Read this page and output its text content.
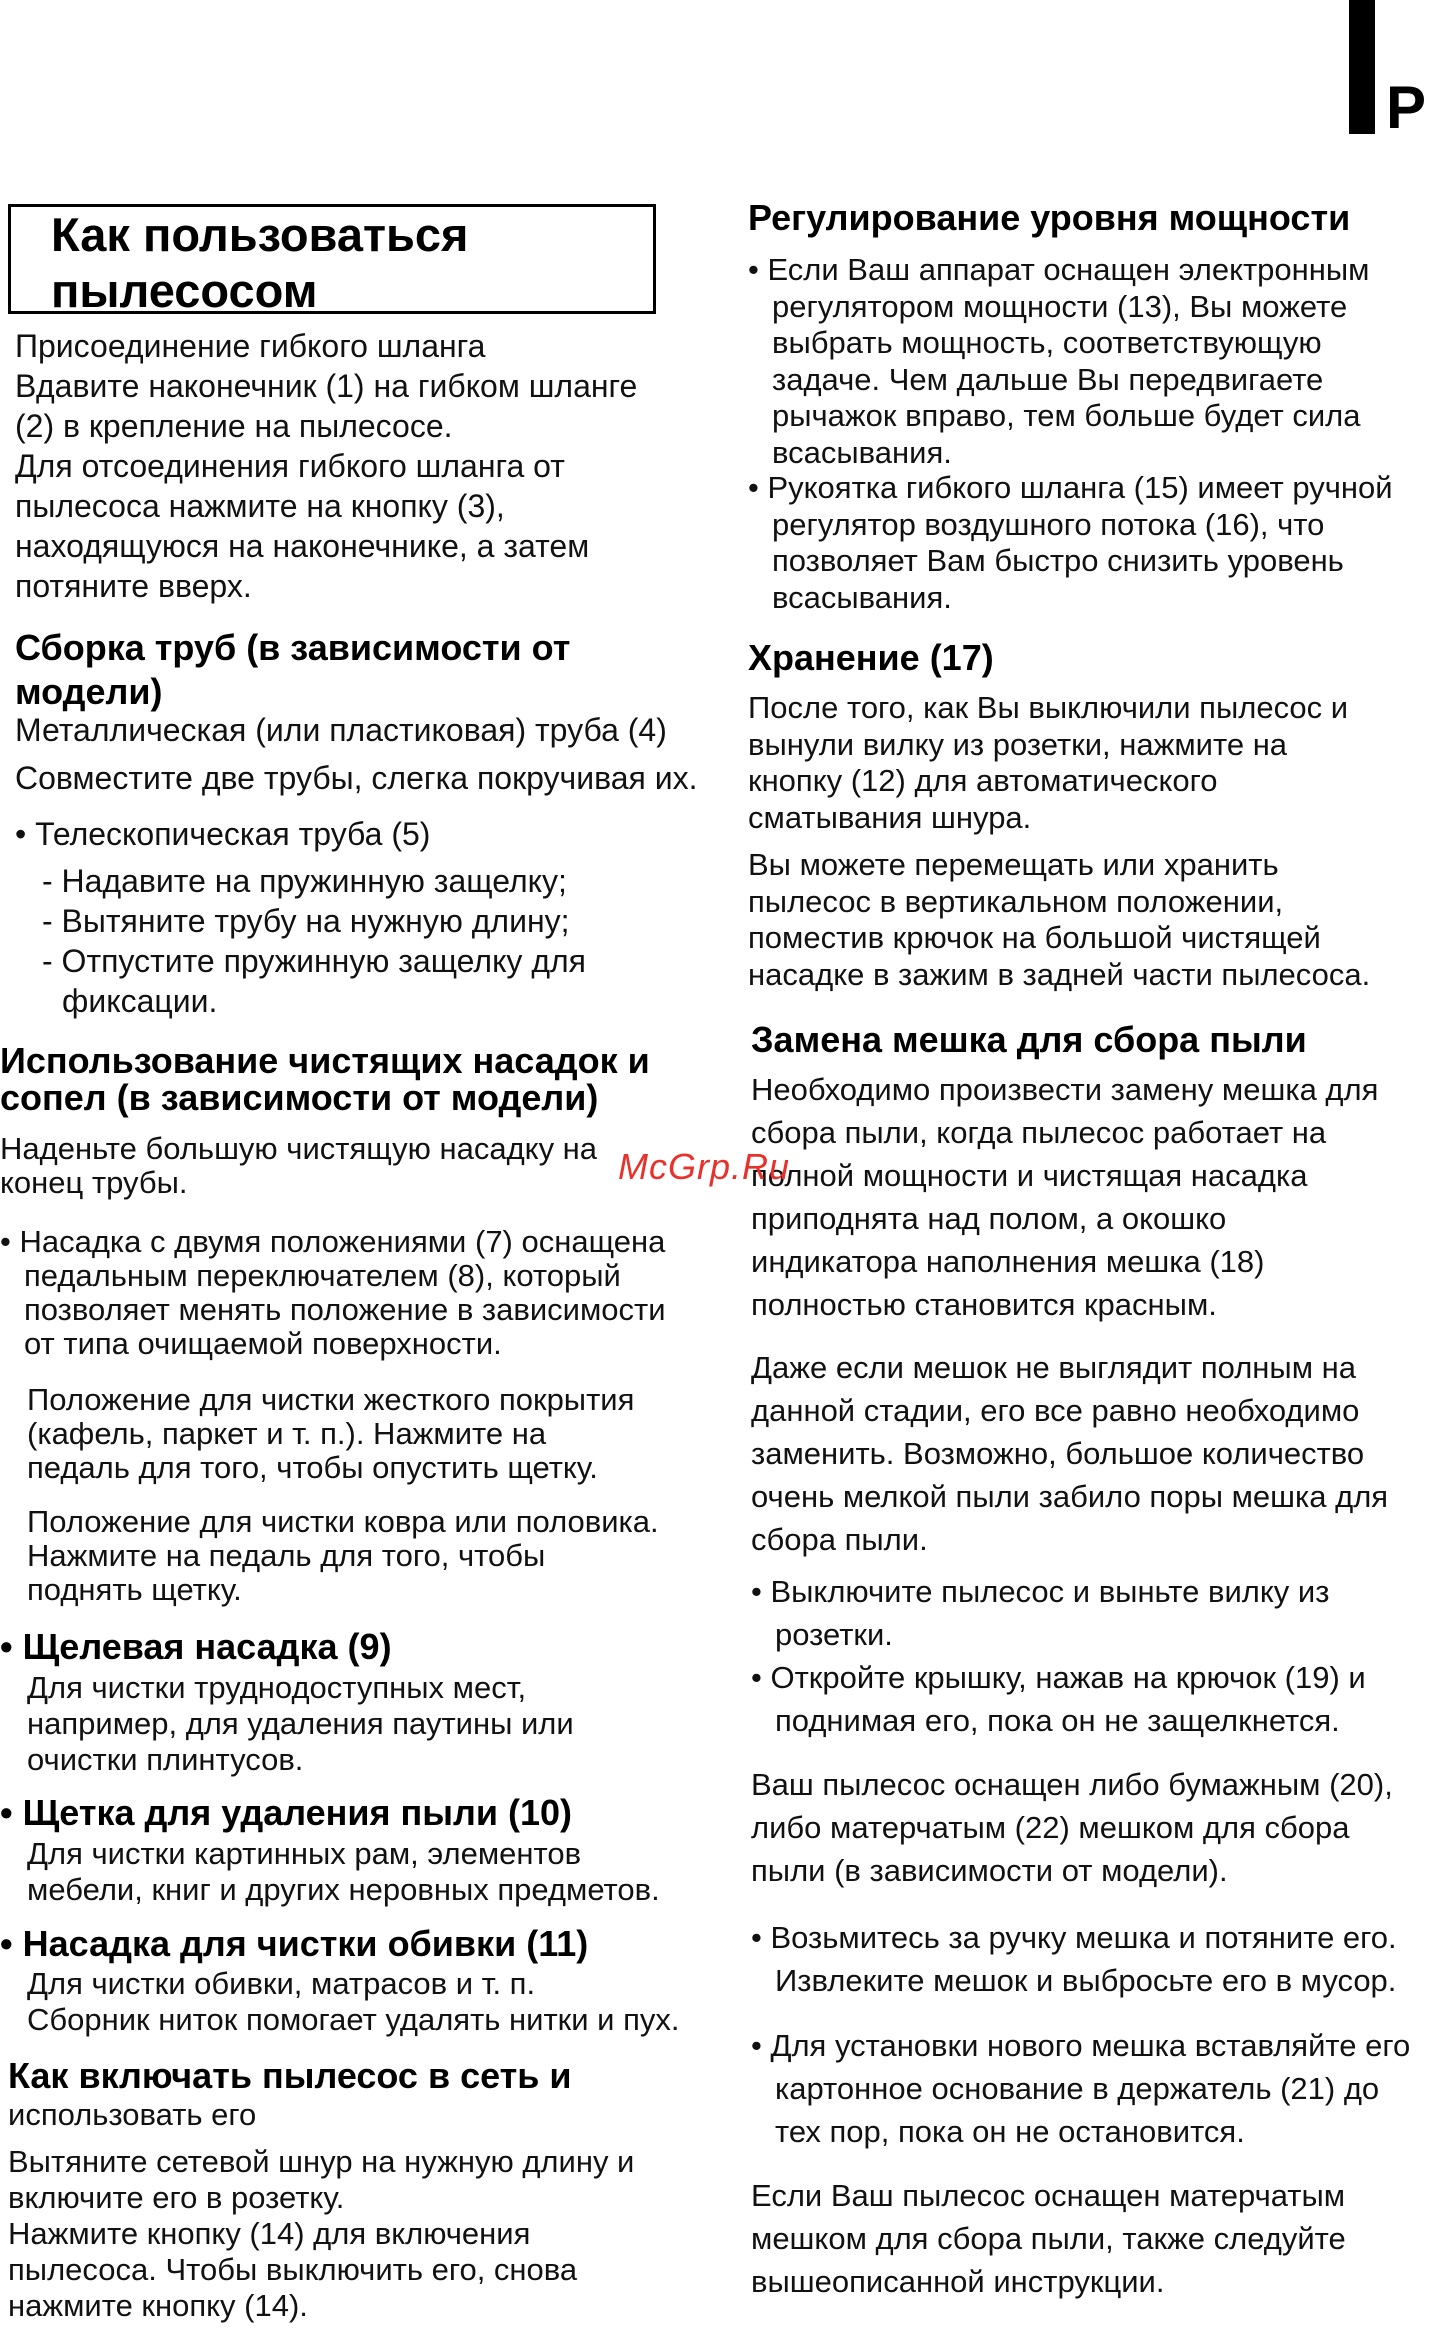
P
Как пользоваться
пылесосом
Присоединение гибкого шланга
Вдавите наконечник (1) на гибком шланге
(2) в крепление на пылесосе.
Для отсоединения гибкого шланга от
пылесоса нажмите на кнопку (3),
находящуюся на наконечнике, а затем
потяните вверх.
Сборка труб (в зависимости от
модели)
Металлическая (или пластиковая) труба (4)
Совместите две трубы, слегка покручивая их.
• Телескопическая труба (5)
- Надавите на пружинную защелку;
- Вытяните трубу на нужную длину;
- Отпустите пружинную защелку для
фиксации.
Использование чистящих насадок и
сопел (в зависимости от модели)
Наденьте большую чистящую насадку на
конец трубы.
• Насадка с двумя положениями (7) оснащена
педальным переключателем (8), который
позволяет менять положение в зависимости
от типа очищаемой поверхности.
Положение для чистки жесткого покрытия
(кафель, паркет и т. п.). Нажмите на
педаль для того, чтобы опустить щетку.
Положение для чистки ковра или половика.
Нажмите на педаль для того, чтобы
поднять щетку.
• Щелевая насадка (9)
Для чистки труднодоступных мест,
например, для удаления паутины или
очистки плинтусов.
• Щетка для удаления пыли (10)
Для чистки картинных рам, элементов
мебели, книг и других неровных предметов.
• Насадка для чистки обивки (11)
Для чистки обивки, матрасов и т. п.
Сборник ниток помогает удалять нитки и пух.
Как включать пылесос в сеть и
использовать его
Вытяните сетевой шнур на нужную длину и
включите его в розетку.
Нажмите кнопку (14) для включения
пылесоса. Чтобы выключить его, снова
нажмите кнопку (14).
Регулирование уровня мощности
• Если Ваш аппарат оснащен электронным
регулятором мощности (13), Вы можете
выбрать мощность, соответствующую
задаче. Чем дальше Вы передвигаете
рычажок вправо, тем больше будет сила
всасывания.
• Рукоятка гибкого шланга (15) имеет ручной
регулятор воздушного потока (16), что
позволяет Вам быстро снизить уровень
всасывания.
Хранение (17)
После того, как Вы выключили пылесос и
вынули вилку из розетки, нажмите на
кнопку (12) для автоматического
сматывания шнура.
Вы можете перемещать или хранить
пылесос в вертикальном положении,
поместив крючок на большой чистящей
насадке в зажим в задней части пылесоса.
Замена мешка для сбора пыли
Необходимо произвести замену мешка для
сбора пыли, когда пылесос работает на
полной мощности и чистящая насадка
приподнята над полом, а окошко
индикатора наполнения мешка (18)
полностью становится красным.
Даже если мешок не выглядит полным на
данной стадии, его все равно необходимо
заменить. Возможно, большое количество
очень мелкой пыли забило поры мешка для
сбора пыли.
• Выключите пылесос и выньте вилку из
розетки.
• Откройте крышку, нажав на крючок (19) и
поднимая его, пока он не защелкнется.
Ваш пылесос оснащен либо бумажным (20),
либо матерчатым (22) мешком для сбора
пыли (в зависимости от модели).
• Возьмитесь за ручку мешка и потяните его.
Извлеките мешок и выбросьте его в мусор.
• Для установки нового мешка вставляйте его
картонное основание в держатель (21) до
тех пор, пока он не остановится.
Если Ваш пылесос оснащен матерчатым
мешком для сбора пыли, также следуйте
вышеописанной инструкции.
McGrp.Ru
